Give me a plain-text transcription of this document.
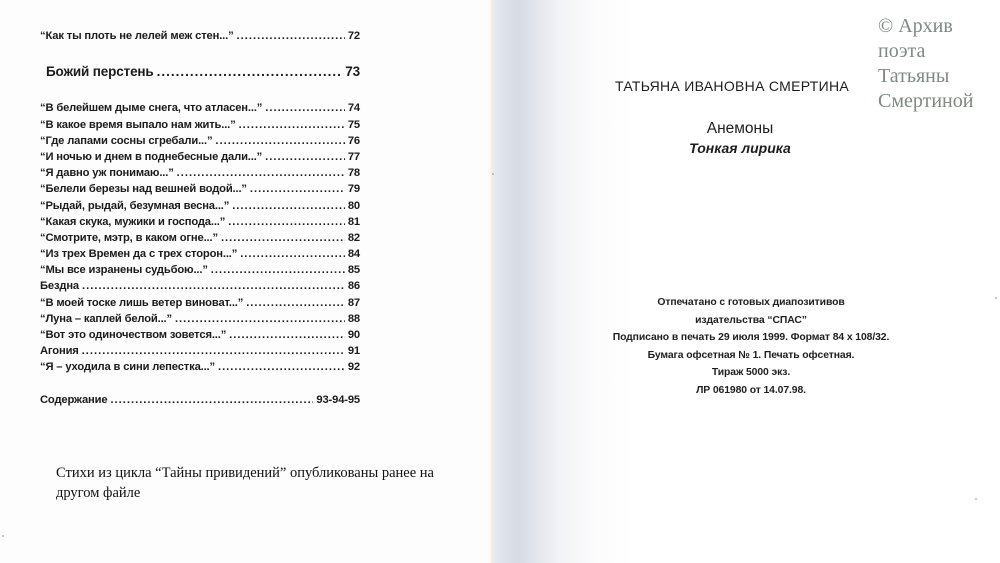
“Как ты плоть не лелей меж стен...” .....	72
Божий перстень .....	73
“В белейшем дыме снега, что атласен...” .....	74
“В какое время выпало нам жить...” .....	75
“Где лапами сосны сгребали...” .....	76
“И ночью и днем в поднебесные дали...” .....	77
“Я давно уж понимаю...” .....	78
“Белели березы над вешней водой...” .....	79
“Рыдай, рыдай, безумная весна...” .....	80
“Какая скука, мужики и господа...” .....	81
“Смотрите, мэтр, в каком огне...” .....	82
“Из трех Времен да с трех сторон...” .....	84
“Мы все изранены судьбою...” .....	85
Бездна .....	86
“В моей тоске лишь ветер виноват...” .....	87
“Луна – каплей белой...” .....	88
“Вот это одиночеством зовется...” .....	90
Агония .....	91
“Я – уходила в сини лепестка...” .....	92
Содержание .....	93-94-95
Стихи из цикла “Тайны привидений” опубликованы ранее на другом файле
ТАТЬЯНА ИВАНОВНА СМЕРТИНА
Анемоны
Тонкая лирика
Отпечатано с готовых диапозитивов
издательства “СПАС”
Подписано в печать 29 июля 1999. Формат 84 х 108/32.
Бумага офсетная № 1. Печать офсетная.
Тираж 5000 экз.
ЛР 061980 от 14.07.98.
© Архив
поэта
Татьяны
Смертиной
